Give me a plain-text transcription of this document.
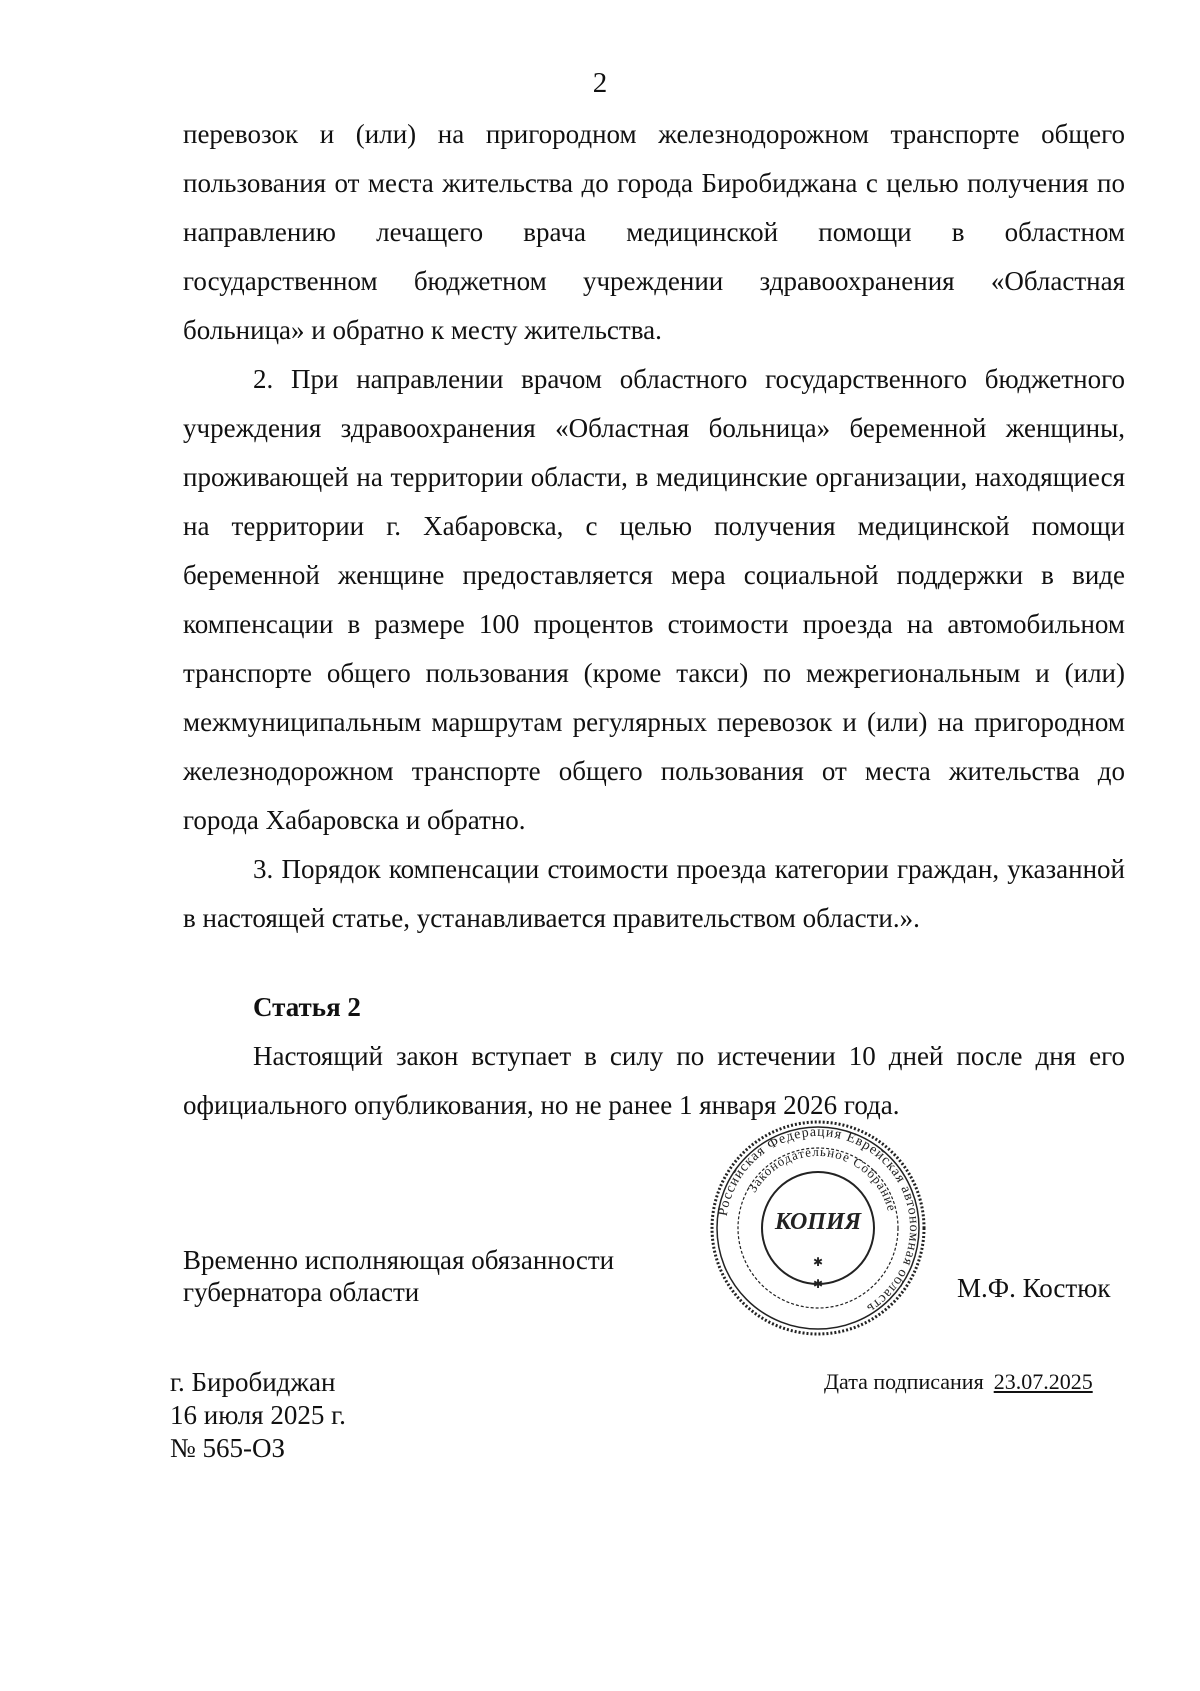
2

перевозок и (или) на пригородном железнодорожном транспорте общего пользования от места жительства до города Биробиджана с целью получения по направлению лечащего врача медицинской помощи в областном государственном бюджетном учреждении здравоохранения «Областная больница» и обратно к месту жительства.

2. При направлении врачом областного государственного бюджетного учреждения здравоохранения «Областная больница» беременной женщины, проживающей на территории области, в медицинские организации, находящиеся на территории г. Хабаровска, с целью получения медицинской помощи беременной женщине предоставляется мера социальной поддержки в виде компенсации в размере 100 процентов стоимости проезда на автомобильном транспорте общего пользования (кроме такси) по межрегиональным и (или) межмуниципальным маршрутам регулярных перевозок и (или) на пригородном железнодорожном транспорте общего пользования от места жительства до города Хабаровска и обратно.

3. Порядок компенсации стоимости проезда категории граждан, указанной в настоящей статье, устанавливается правительством области.».

Статья 2
Настоящий закон вступает в силу по истечении 10 дней после дня его официального опубликования, но не ранее 1 января 2026 года.
Временно исполняющая обязанности
губернатора области
Российская Федерация Еврейская автономная область
Законодательное Собрание
КОПИЯ
✱
✱	М.Ф. Костюк
г. Биробиджан
16 июля 2025 г.
№ 565-ОЗ
Дата подписания 23.07.2025
